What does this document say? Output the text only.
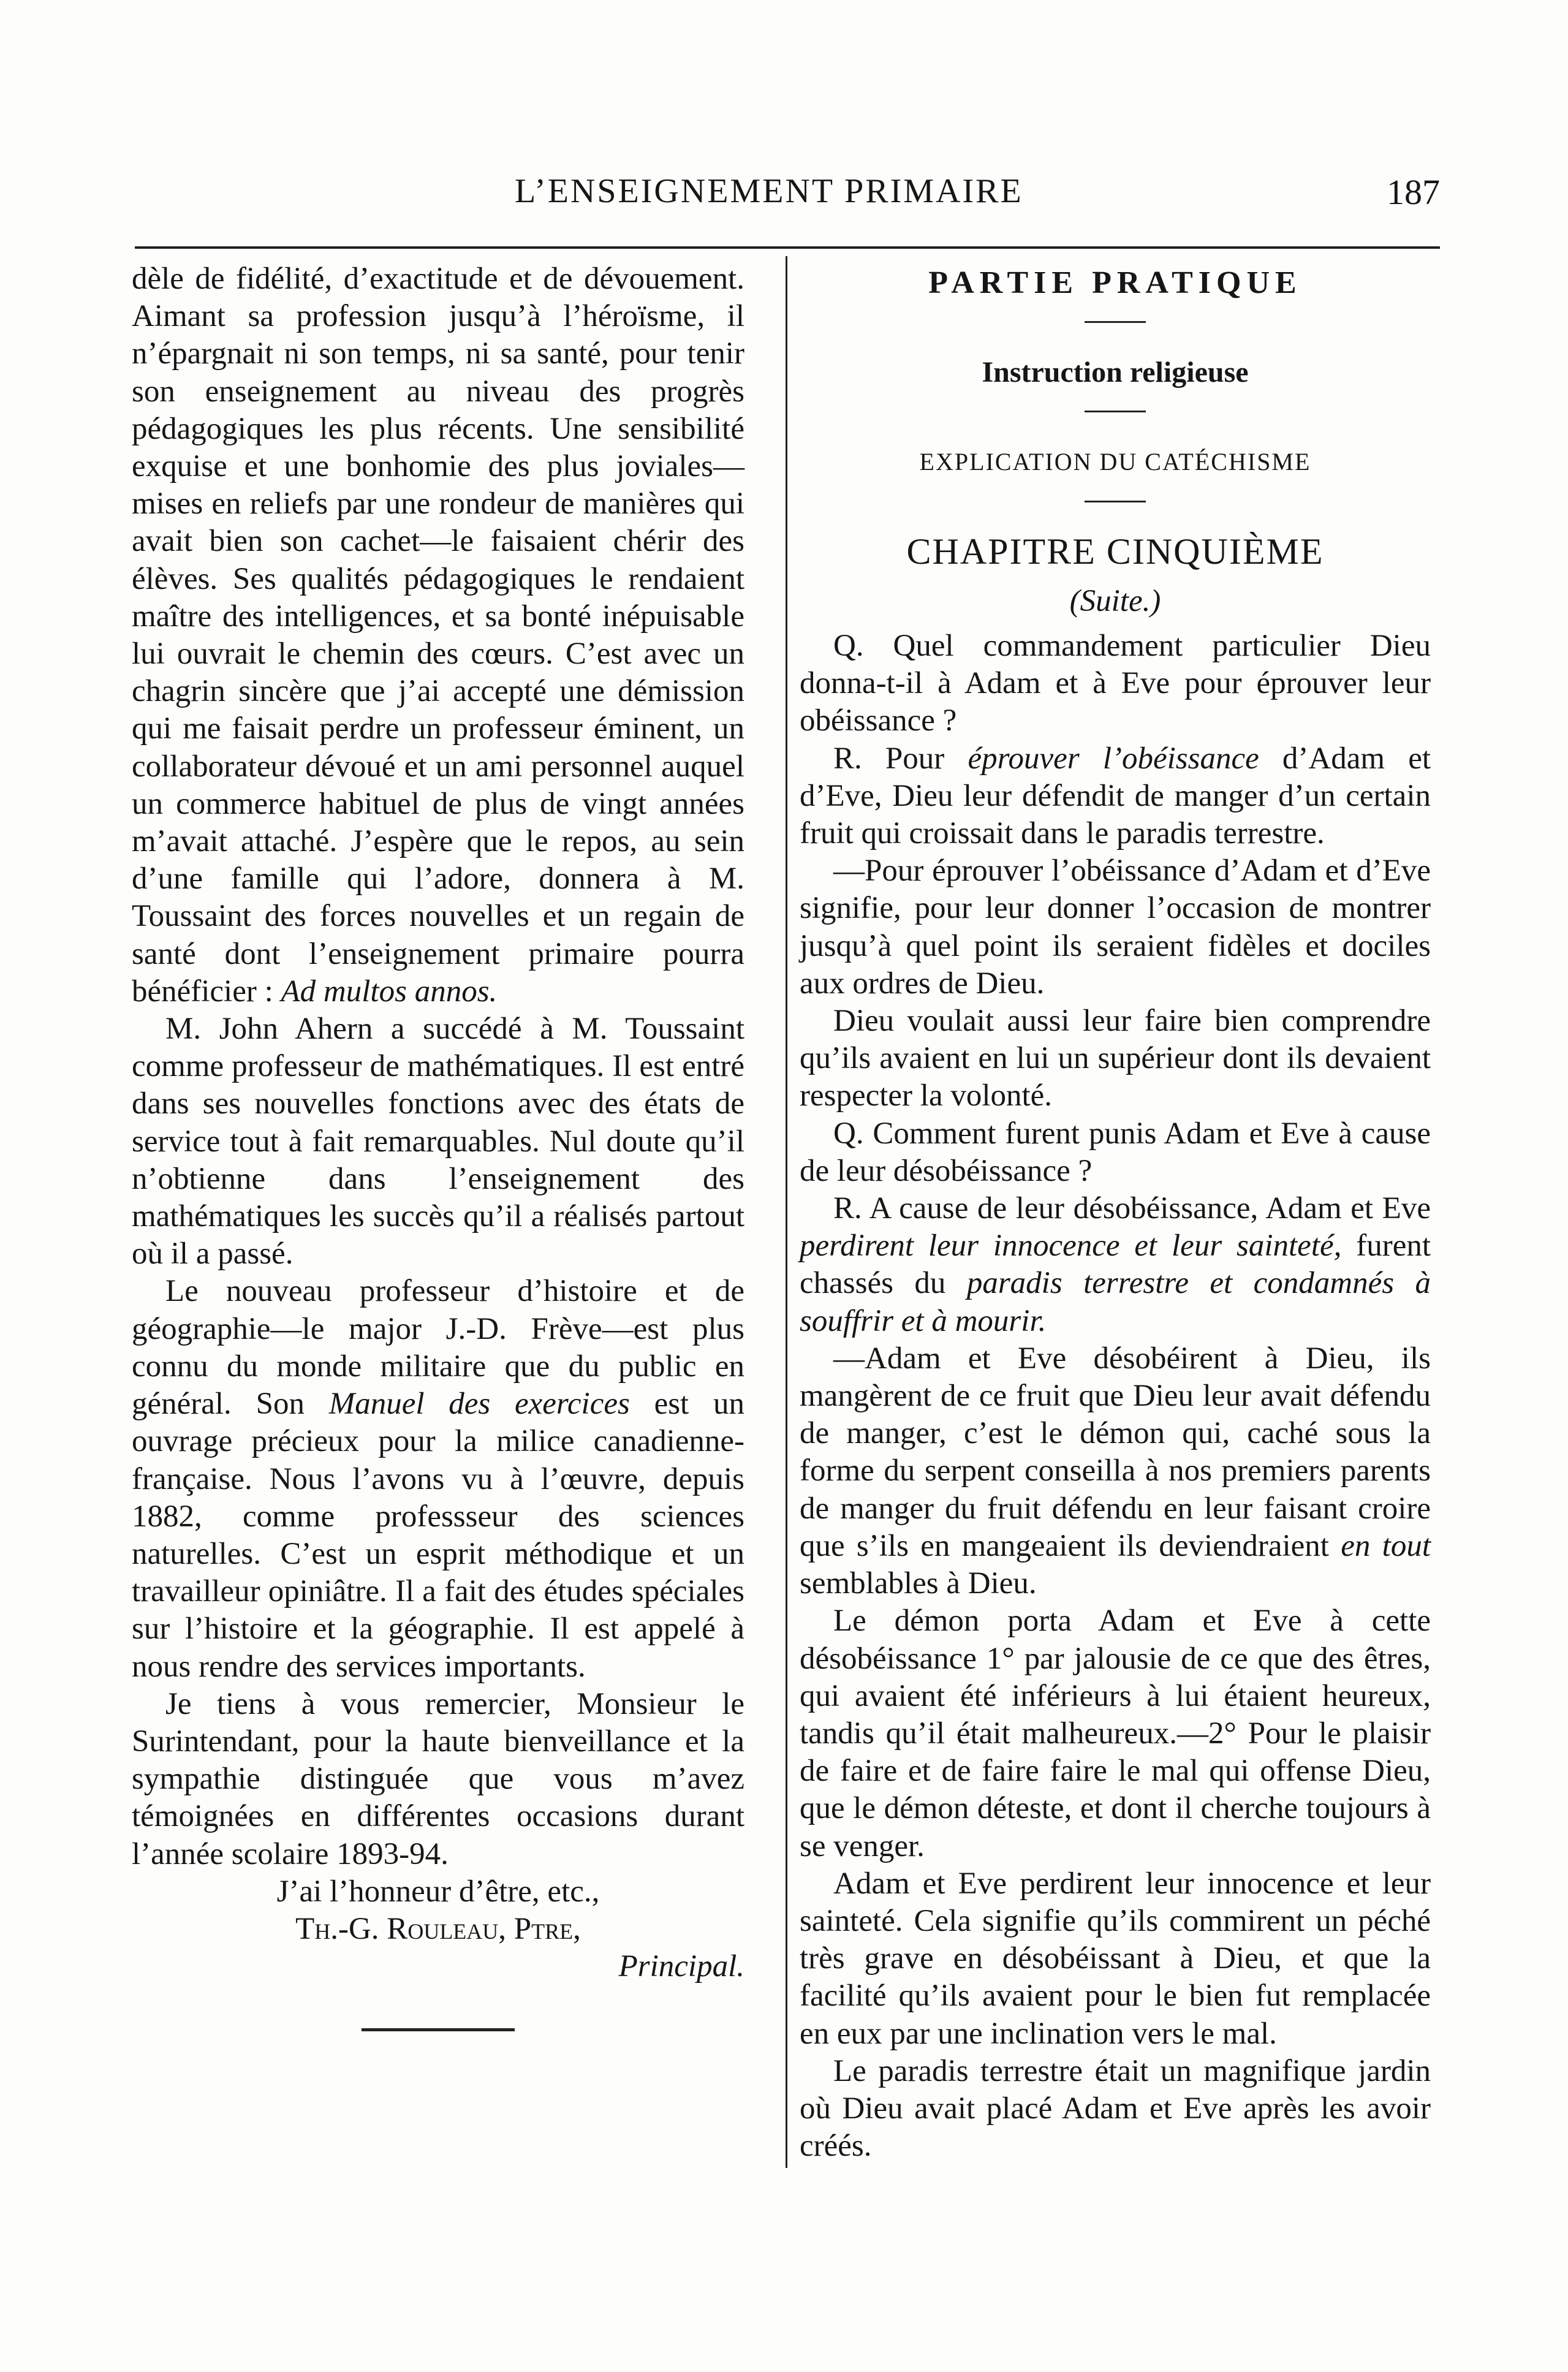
L’ENSEIGNEMENT PRIMAIRE	187

dèle de fidélité, d’exactitude et de dévouement. Aimant sa profession jusqu’à l’héroïsme, il n’épargnait ni son temps, ni sa santé, pour tenir son enseignement au niveau des progrès pédagogiques les plus récents. Une sensibilité exquise et une bonhomie des plus joviales—mises en reliefs par une rondeur de manières qui avait bien son cachet—le faisaient chérir des élèves. Ses qualités pédagogiques le rendaient maître des intelligences, et sa bonté inépuisable lui ouvrait le chemin des cœurs. C’est avec un chagrin sincère que j’ai accepté une démission qui me faisait perdre un professeur éminent, un collaborateur dévoué et un ami personnel auquel un commerce habituel de plus de vingt années m’avait attaché. J’espère que le repos, au sein d’une famille qui l’adore, donnera à M. Toussaint des forces nouvelles et un regain de santé dont l’enseignement primaire pourra bénéficier : Ad multos annos.

M. John Ahern a succédé à M. Toussaint comme professeur de mathématiques. Il est entré dans ses nouvelles fonctions avec des états de service tout à fait remarquables. Nul doute qu’il n’obtienne dans l’enseignement des mathématiques les succès qu’il a réalisés partout où il a passé.

Le nouveau professeur d’histoire et de géographie—le major J.-D. Frève—est plus connu du monde militaire que du public en général. Son Manuel des exercices est un ouvrage précieux pour la milice canadienne-française. Nous l’avons vu à l’œuvre, depuis 1882, comme professseur des sciences naturelles. C’est un esprit méthodique et un travailleur opiniâtre. Il a fait des études spéciales sur l’histoire et la géographie. Il est appelé à nous rendre des services importants.

Je tiens à vous remercier, Monsieur le Surintendant, pour la haute bienveillance et la sympathie distinguée que vous m’avez témoignées en différentes occasions durant l’année scolaire 1893-94.

J’ai l’honneur d’être, etc.,

Th.-G. Rouleau, Ptre,

Principal.

PARTIE PRATIQUE
Instruction religieuse
EXPLICATION DU CATÉCHISME
CHAPITRE CINQUIÈME
(Suite.)

Q. Quel commandement particulier Dieu donna-t-il à Adam et à Eve pour éprouver leur obéissance ?

R. Pour éprouver l’obéissance d’Adam et d’Eve, Dieu leur défendit de manger d’un certain fruit qui croissait dans le paradis terrestre.

—Pour éprouver l’obéissance d’Adam et d’Eve signifie, pour leur donner l’occasion de montrer jusqu’à quel point ils seraient fidèles et dociles aux ordres de Dieu.

Dieu voulait aussi leur faire bien comprendre qu’ils avaient en lui un supérieur dont ils devaient respecter la volonté.

Q. Comment furent punis Adam et Eve à cause de leur désobéissance ?

R. A cause de leur désobéissance, Adam et Eve perdirent leur innocence et leur sainteté, furent chassés du paradis terrestre et condamnés à souffrir et à mourir.

—Adam et Eve désobéirent à Dieu, ils mangèrent de ce fruit que Dieu leur avait défendu de manger, c’est le démon qui, caché sous la forme du serpent conseilla à nos premiers parents de manger du fruit défendu en leur faisant croire que s’ils en mangeaient ils deviendraient en tout semblables à Dieu.

Le démon porta Adam et Eve à cette désobéissance 1° par jalousie de ce que des êtres, qui avaient été inférieurs à lui étaient heureux, tandis qu’il était malheureux.—2° Pour le plaisir de faire et de faire faire le mal qui offense Dieu, que le démon déteste, et dont il cherche toujours à se venger.

Adam et Eve perdirent leur innocence et leur sainteté. Cela signifie qu’ils commirent un péché très grave en désobéissant à Dieu, et que la facilité qu’ils avaient pour le bien fut remplacée en eux par une inclination vers le mal.

Le paradis terrestre était un magnifique jardin où Dieu avait placé Adam et Eve après les avoir créés.
